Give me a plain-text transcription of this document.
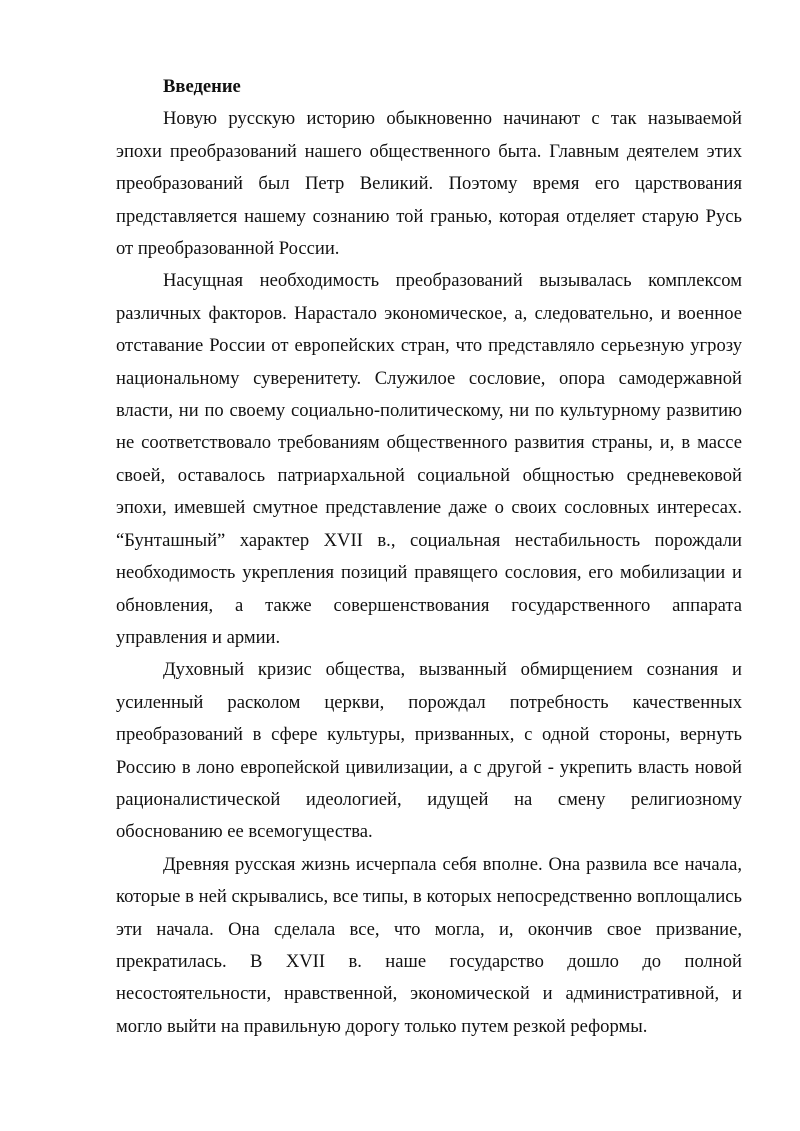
Введение

Новую русскую историю обыкновенно начинают с так называемой эпохи преобразований нашего общественного быта. Главным деятелем этих преобразований был Петр Великий. Поэтому время его царствования представляется нашему сознанию той гранью, которая отделяет старую Русь от преобразованной России.

Насущная необходимость преобразований вызывалась комплексом различных факторов. Нарастало экономическое, а, следовательно, и военное отставание России от европейских стран, что представляло серьезную угрозу национальному суверенитету. Служилое сословие, опора самодержавной власти, ни по своему социально-политическому, ни по культурному развитию не соответствовало требованиям общественного развития страны, и, в массе своей, оставалось патриархальной социальной общностью средневековой эпохи, имевшей смутное представление даже о своих сословных интересах. “Бунташный” характер XVII в., социальная нестабильность порождали необходимость укрепления позиций правящего сословия, его мобилизации и обновления, а также совершенствования государственного аппарата управления и армии.

Духовный кризис общества, вызванный обмирщением сознания и усиленный расколом церкви, порождал потребность качественных преобразований в сфере культуры, призванных, с одной стороны, вернуть Россию в лоно европейской цивилизации, а с другой - укрепить власть новой рационалистической идеологией, идущей на смену религиозному обоснованию ее всемогущества.

Древняя русская жизнь исчерпала себя вполне. Она развила все начала, которые в ней скрывались, все типы, в которых непосредственно воплощались эти начала. Она сделала все, что могла, и, окончив свое призвание, прекратилась. В XVII в. наше государство дошло до полной несостоятельности, нравственной, экономической и административной, и могло выйти на правильную дорогу только путем резкой реформы.
